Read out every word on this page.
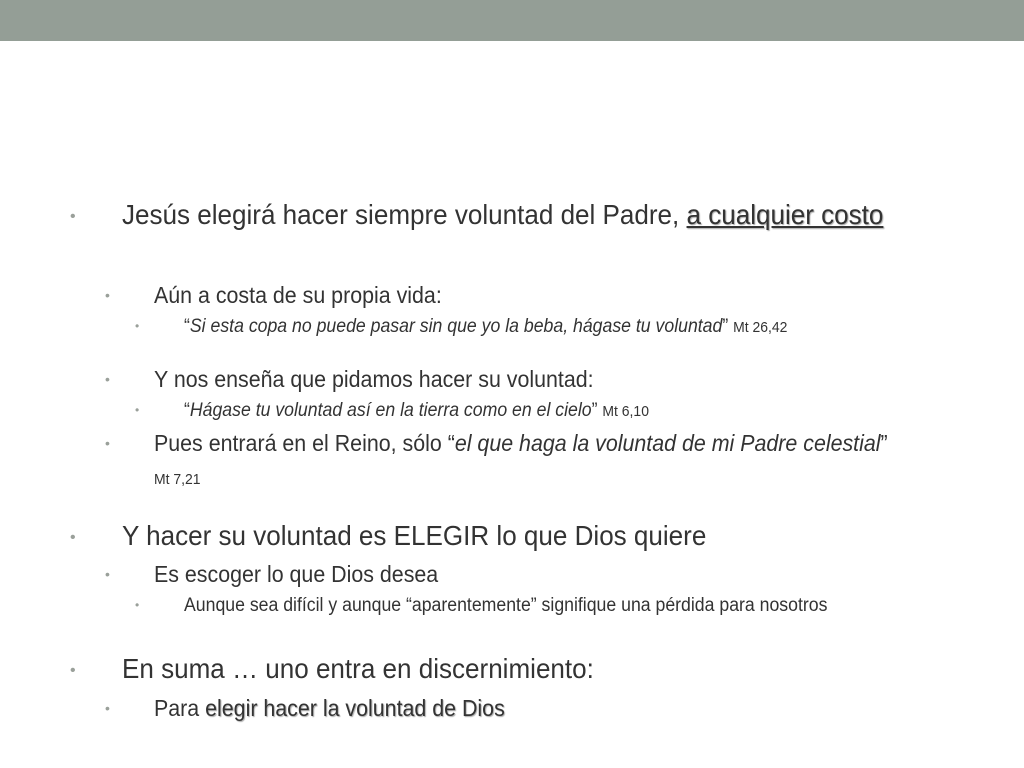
• Jesús elegirá hacer siempre voluntad del Padre, a cualquier costo
• Aún a costa de su propia vida:
• “Si esta copa no puede pasar sin que yo la beba, hágase tu voluntad” Mt 26,42
• Y nos enseña que pidamos hacer su voluntad:
• “Hágase tu voluntad así en la tierra como en el cielo” Mt 6,10
• Pues entrará en el Reino, sólo “el que haga la voluntad de mi Padre celestial” Mt 7,21
• Y hacer su voluntad es ELEGIR lo que Dios quiere
• Es escoger lo que Dios desea
• Aunque sea difícil y aunque “aparentemente” signifique una pérdida para nosotros
• En suma … uno entra en discernimiento:
• Para elegir hacer la voluntad de Dios
